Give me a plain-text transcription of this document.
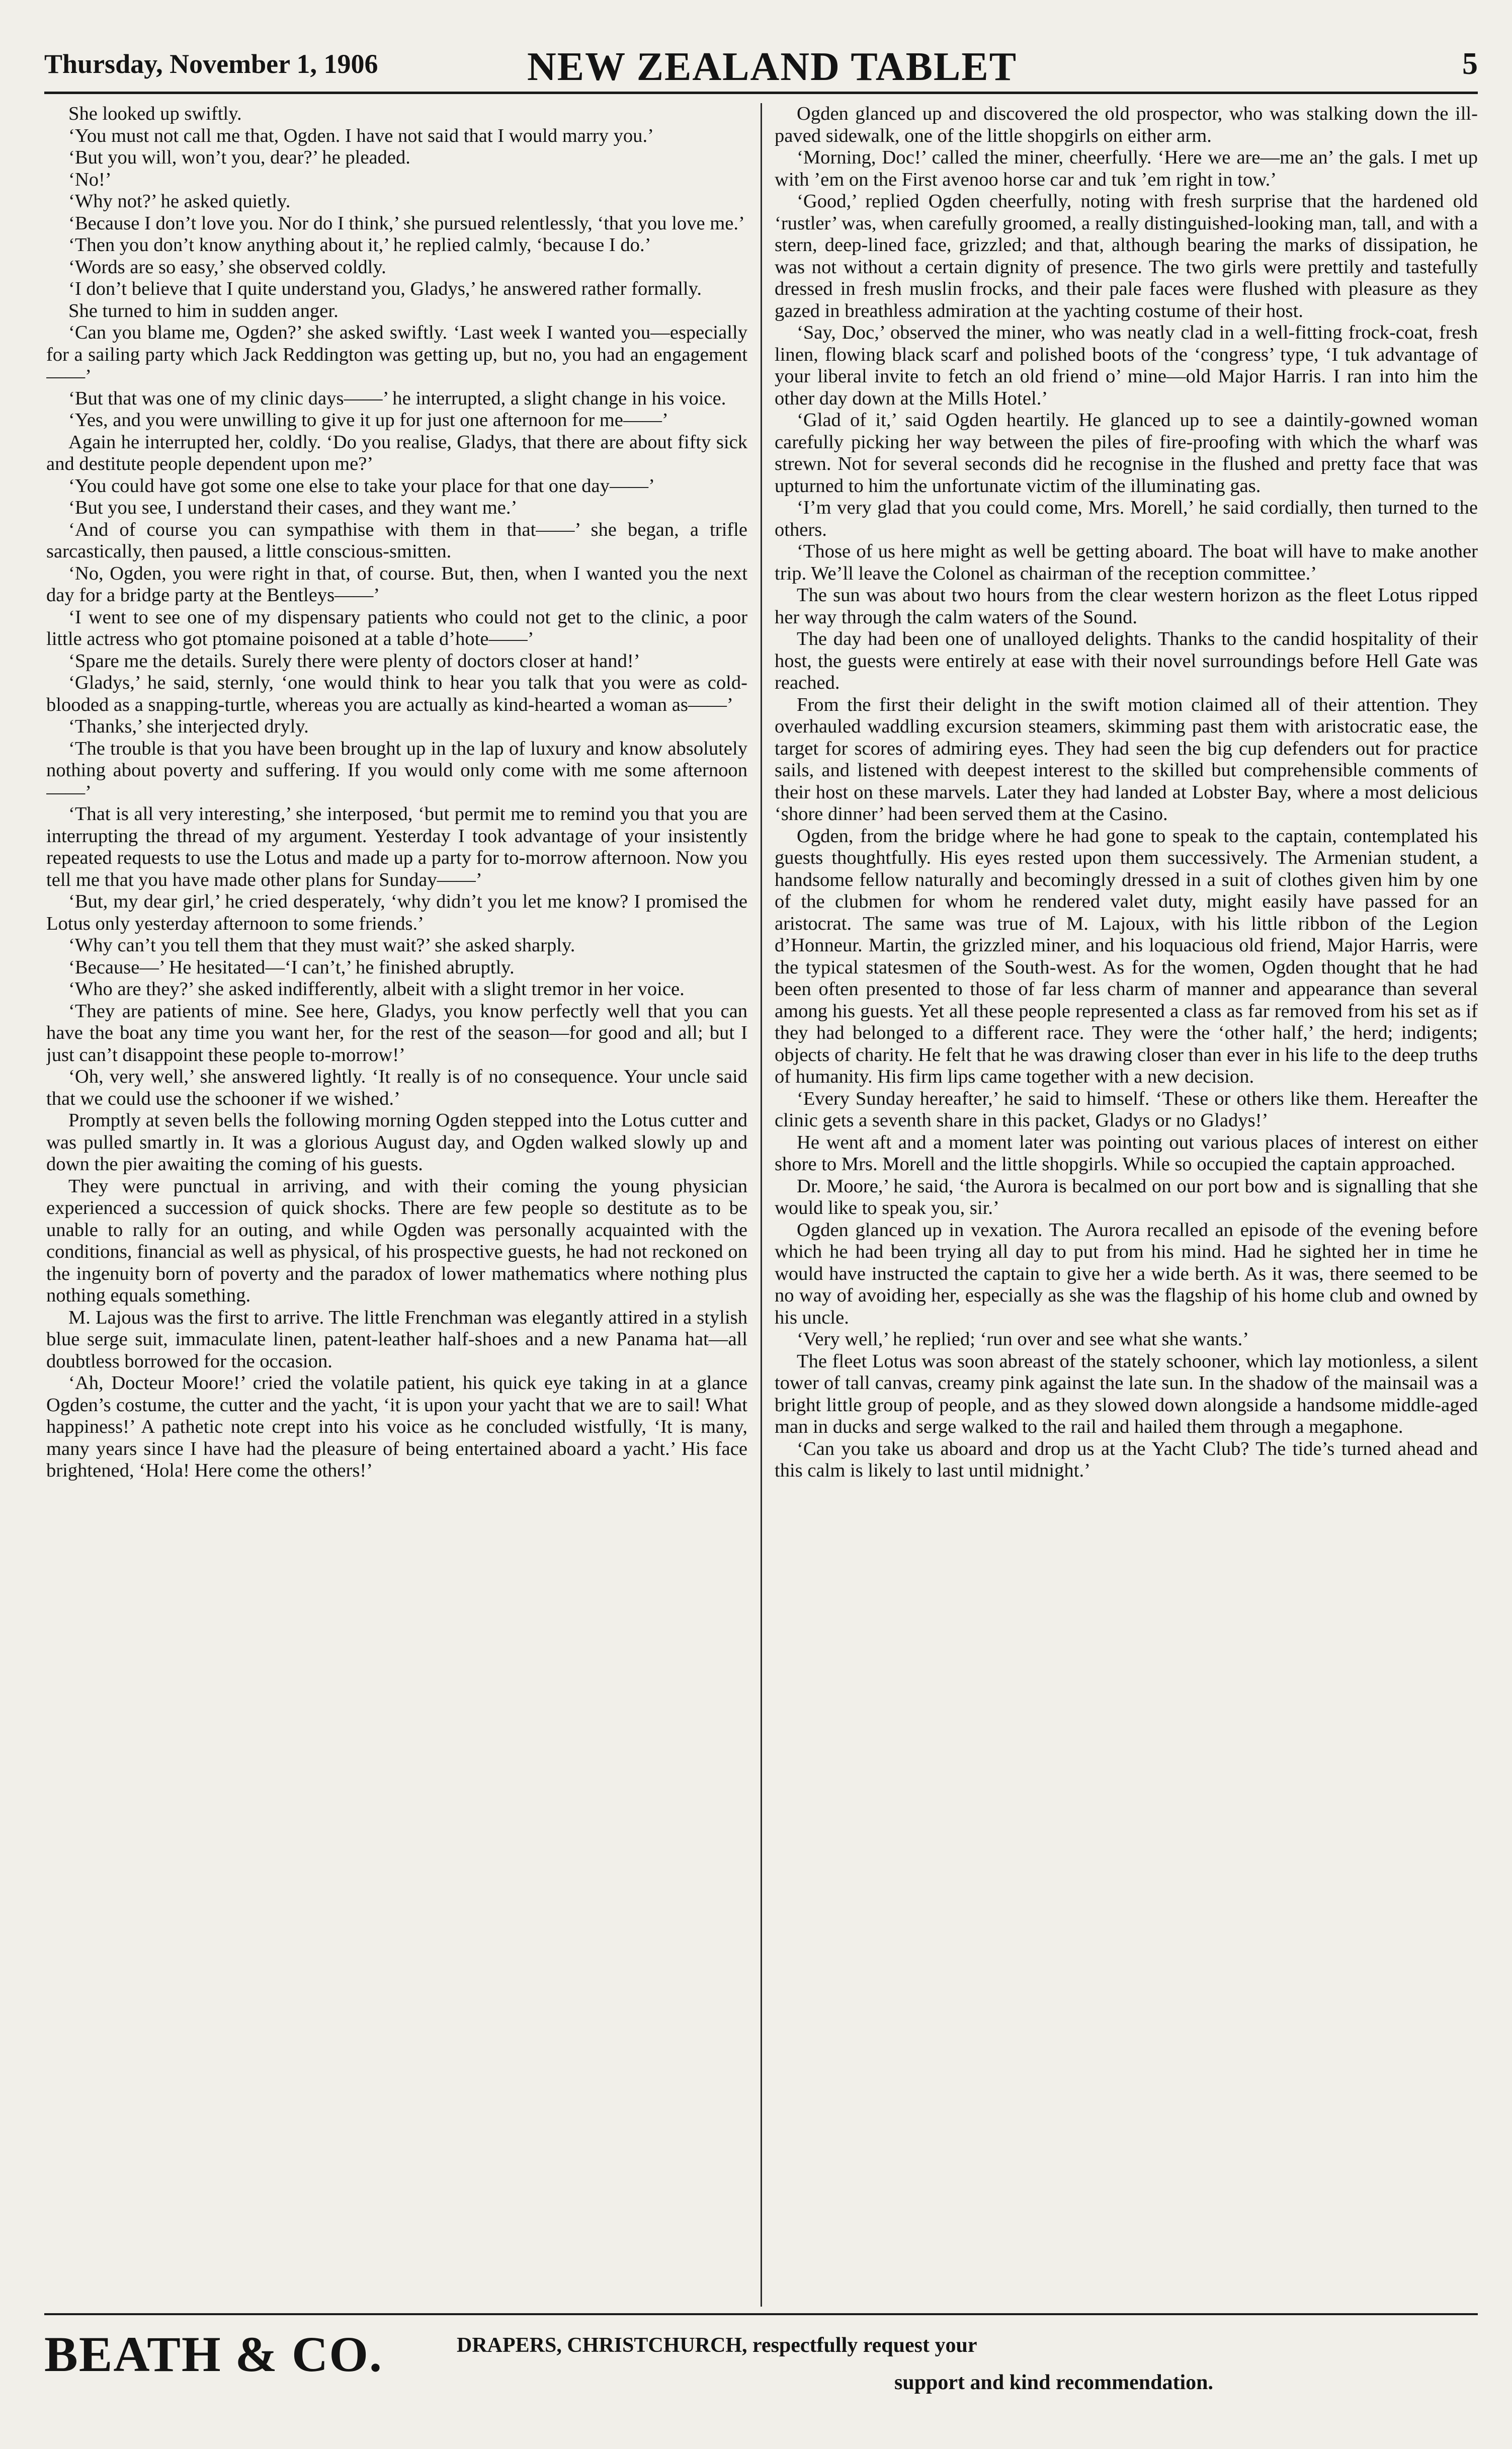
Thursday, November 1, 1906	NEW ZEALAND TABLET	5

She looked up swiftly.

‘You must not call me that, Ogden. I have not said that I would marry you.’

‘But you will, won’t you, dear?’ he pleaded.

‘No!’

‘Why not?’ he asked quietly.

‘Because I don’t love you. Nor do I think,’ she pursued relentlessly, ‘that you love me.’

‘Then you don’t know anything about it,’ he replied calmly, ‘because I do.’

‘Words are so easy,’ she observed coldly.

‘I don’t believe that I quite understand you, Gladys,’ he answered rather formally.

She turned to him in sudden anger.

‘Can you blame me, Ogden?’ she asked swiftly. ‘Last week I wanted you—especially for a sailing party which Jack Reddington was getting up, but no, you had an engagement——’

‘But that was one of my clinic days——’ he interrupted, a slight change in his voice.

‘Yes, and you were unwilling to give it up for just one afternoon for me——’

Again he interrupted her, coldly. ‘Do you realise, Gladys, that there are about fifty sick and destitute people dependent upon me?’

‘You could have got some one else to take your place for that one day——’

‘But you see, I understand their cases, and they want me.’

‘And of course you can sympathise with them in that——’ she began, a trifle sarcastically, then paused, a little conscious-smitten.

‘No, Ogden, you were right in that, of course. But, then, when I wanted you the next day for a bridge party at the Bentleys——’

‘I went to see one of my dispensary patients who could not get to the clinic, a poor little actress who got ptomaine poisoned at a table d’hote——’

‘Spare me the details. Surely there were plenty of doctors closer at hand!’

‘Gladys,’ he said, sternly, ‘one would think to hear you talk that you were as cold-blooded as a snapping-turtle, whereas you are actually as kind-hearted a woman as——’

‘Thanks,’ she interjected dryly.

‘The trouble is that you have been brought up in the lap of luxury and know absolutely nothing about poverty and suffering. If you would only come with me some afternoon——’

‘That is all very interesting,’ she interposed, ‘but permit me to remind you that you are interrupting the thread of my argument. Yesterday I took advantage of your insistently repeated requests to use the Lotus and made up a party for to-morrow afternoon. Now you tell me that you have made other plans for Sunday——’

‘But, my dear girl,’ he cried desperately, ‘why didn’t you let me know? I promised the Lotus only yesterday afternoon to some friends.’

‘Why can’t you tell them that they must wait?’ she asked sharply.

‘Because—’ He hesitated—‘I can’t,’ he finished abruptly.

‘Who are they?’ she asked indifferently, albeit with a slight tremor in her voice.

‘They are patients of mine. See here, Gladys, you know perfectly well that you can have the boat any time you want her, for the rest of the season—for good and all; but I just can’t disappoint these people to-morrow!’

‘Oh, very well,’ she answered lightly. ‘It really is of no consequence. Your uncle said that we could use the schooner if we wished.’

Promptly at seven bells the following morning Ogden stepped into the Lotus cutter and was pulled smartly in. It was a glorious August day, and Ogden walked slowly up and down the pier awaiting the coming of his guests.

They were punctual in arriving, and with their coming the young physician experienced a succession of quick shocks. There are few people so destitute as to be unable to rally for an outing, and while Ogden was personally acquainted with the conditions, financial as well as physical, of his prospective guests, he had not reckoned on the ingenuity born of poverty and the paradox of lower mathematics where nothing plus nothing equals something.

M. Lajous was the first to arrive. The little Frenchman was elegantly attired in a stylish blue serge suit, immaculate linen, patent-leather half-shoes and a new Panama hat—all doubtless borrowed for the occasion.

‘Ah, Docteur Moore!’ cried the volatile patient, his quick eye taking in at a glance Ogden’s costume, the cutter and the yacht, ‘it is upon your yacht that we are to sail! What happiness!’ A pathetic note crept into his voice as he concluded wistfully, ‘It is many, many years since I have had the pleasure of being entertained aboard a yacht.’ His face brightened, ‘Hola! Here come the others!’

Ogden glanced up and discovered the old prospector, who was stalking down the ill-paved sidewalk, one of the little shopgirls on either arm.

‘Morning, Doc!’ called the miner, cheerfully. ‘Here we are—me an’ the gals. I met up with ’em on the First avenoo horse car and tuk ’em right in tow.’

‘Good,’ replied Ogden cheerfully, noting with fresh surprise that the hardened old ‘rustler’ was, when carefully groomed, a really distinguished-looking man, tall, and with a stern, deep-lined face, grizzled; and that, although bearing the marks of dissipation, he was not without a certain dignity of presence. The two girls were prettily and tastefully dressed in fresh muslin frocks, and their pale faces were flushed with pleasure as they gazed in breathless admiration at the yachting costume of their host.

‘Say, Doc,’ observed the miner, who was neatly clad in a well-fitting frock-coat, fresh linen, flowing black scarf and polished boots of the ‘congress’ type, ‘I tuk advantage of your liberal invite to fetch an old friend o’ mine—old Major Harris. I ran into him the other day down at the Mills Hotel.’

‘Glad of it,’ said Ogden heartily. He glanced up to see a daintily-gowned woman carefully picking her way between the piles of fire-proofing with which the wharf was strewn. Not for several seconds did he recognise in the flushed and pretty face that was upturned to him the unfortunate victim of the illuminating gas.

‘I’m very glad that you could come, Mrs. Morell,’ he said cordially, then turned to the others.

‘Those of us here might as well be getting aboard. The boat will have to make another trip. We’ll leave the Colonel as chairman of the reception committee.’

The sun was about two hours from the clear western horizon as the fleet Lotus ripped her way through the calm waters of the Sound.

The day had been one of unalloyed delights. Thanks to the candid hospitality of their host, the guests were entirely at ease with their novel surroundings before Hell Gate was reached.

From the first their delight in the swift motion claimed all of their attention. They overhauled waddling excursion steamers, skimming past them with aristocratic ease, the target for scores of admiring eyes. They had seen the big cup defenders out for practice sails, and listened with deepest interest to the skilled but comprehensible comments of their host on these marvels. Later they had landed at Lobster Bay, where a most delicious ‘shore dinner’ had been served them at the Casino.

Ogden, from the bridge where he had gone to speak to the captain, contemplated his guests thoughtfully. His eyes rested upon them successively. The Armenian student, a handsome fellow naturally and becomingly dressed in a suit of clothes given him by one of the clubmen for whom he rendered valet duty, might easily have passed for an aristocrat. The same was true of M. Lajoux, with his little ribbon of the Legion d’Honneur. Martin, the grizzled miner, and his loquacious old friend, Major Harris, were the typical statesmen of the South-west. As for the women, Ogden thought that he had been often presented to those of far less charm of manner and appearance than several among his guests. Yet all these people represented a class as far removed from his set as if they had belonged to a different race. They were the ‘other half,’ the herd; indigents; objects of charity. He felt that he was drawing closer than ever in his life to the deep truths of humanity. His firm lips came together with a new decision.

‘Every Sunday hereafter,’ he said to himself. ‘These or others like them. Hereafter the clinic gets a seventh share in this packet, Gladys or no Gladys!’

He went aft and a moment later was pointing out various places of interest on either shore to Mrs. Morell and the little shopgirls. While so occupied the captain approached.

Dr. Moore,’ he said, ‘the Aurora is becalmed on our port bow and is signalling that she would like to speak you, sir.’

Ogden glanced up in vexation. The Aurora recalled an episode of the evening before which he had been trying all day to put from his mind. Had he sighted her in time he would have instructed the captain to give her a wide berth. As it was, there seemed to be no way of avoiding her, especially as she was the flagship of his home club and owned by his uncle.

‘Very well,’ he replied; ‘run over and see what she wants.’

The fleet Lotus was soon abreast of the stately schooner, which lay motionless, a silent tower of tall canvas, creamy pink against the late sun. In the shadow of the mainsail was a bright little group of people, and as they slowed down alongside a handsome middle-aged man in ducks and serge walked to the rail and hailed them through a megaphone.

‘Can you take us aboard and drop us at the Yacht Club? The tide’s turned ahead and this calm is likely to last until midnight.’

BEATH & CO.	DRAPERS, CHRISTCHURCH, respectfully request your
support and kind recommendation.
